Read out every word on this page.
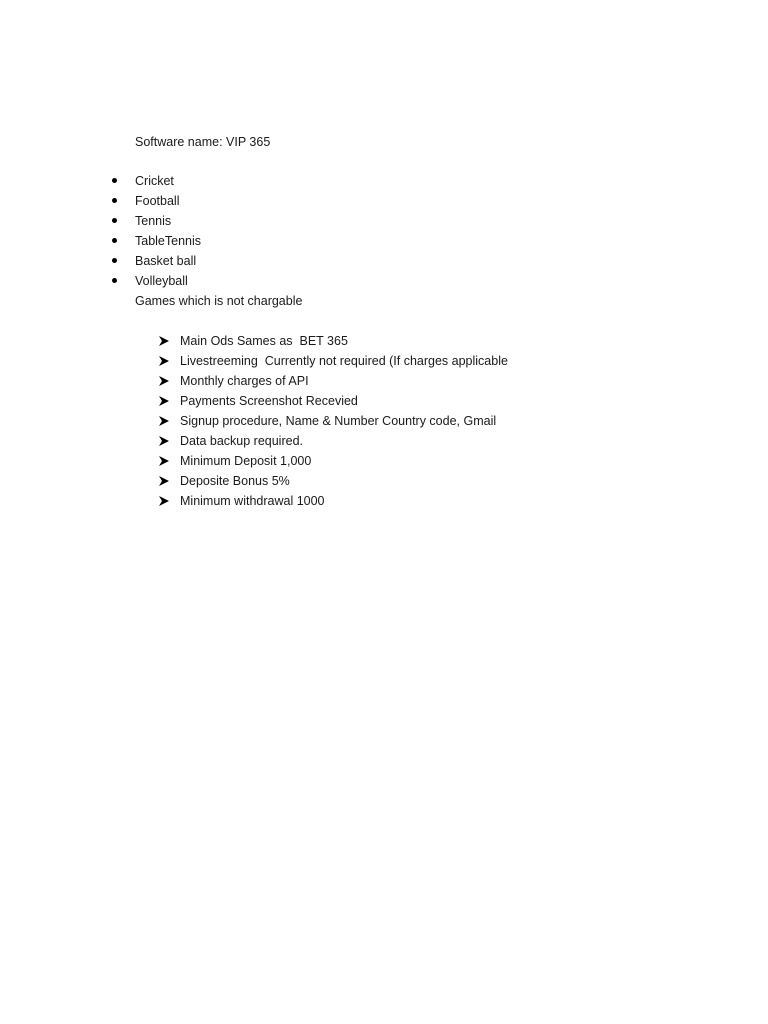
Software name: VIP 365

Cricket

Football

Tennis

TableTennis

Basket ball

Volleyball

Games which is not chargable

Main Ods Sames as  BET 365

Livestreeming  Currently not required (If charges applicable

Monthly charges of API

Payments Screenshot Recevied

Signup procedure, Name & Number Country code, Gmail

Data backup required.

Minimum Deposit 1,000

Deposite Bonus 5%

Minimum withdrawal 1000
